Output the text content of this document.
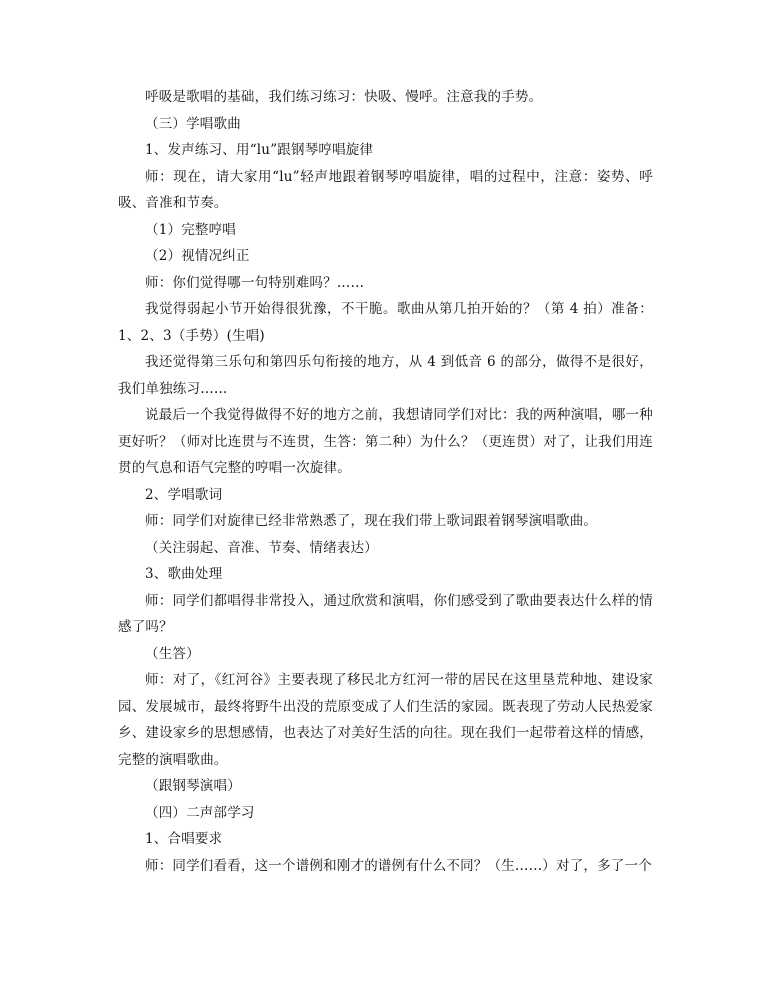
呼吸是歌唱的基础，我们练习练习：快吸、慢呼。注意我的手势。

（三）学唱歌曲

1、发声练习、用“lu”跟钢琴哼唱旋律

师：现在，请大家用“lu”轻声地跟着钢琴哼唱旋律，唱的过程中，注意：姿势、呼吸、音准和节奏。

（1）完整哼唱

（2）视情况纠正

师：你们觉得哪一句特别难吗？……

我觉得弱起小节开始得很犹豫，不干脆。歌曲从第几拍开始的？（第 4 拍）准备：1、2、3（手势）(生唱)

我还觉得第三乐句和第四乐句衔接的地方，从 4 到低音 6 的部分，做得不是很好，我们单独练习……

说最后一个我觉得做得不好的地方之前，我想请同学们对比：我的两种演唱，哪一种更好听？（师对比连贯与不连贯，生答：第二种）为什么？（更连贯）对了，让我们用连贯的气息和语气完整的哼唱一次旋律。

2、学唱歌词

师：同学们对旋律已经非常熟悉了，现在我们带上歌词跟着钢琴演唱歌曲。

（关注弱起、音准、节奏、情绪表达）

3、歌曲处理

师：同学们都唱得非常投入，通过欣赏和演唱，你们感受到了歌曲要表达什么样的情感了吗？

（生答）

师：对了，《红河谷》主要表现了移民北方红河一带的居民在这里垦荒种地、建设家园、发展城市，最终将野牛出没的荒原变成了人们生活的家园。既表现了劳动人民热爱家乡、建设家乡的思想感情，也表达了对美好生活的向往。现在我们一起带着这样的情感，完整的演唱歌曲。

（跟钢琴演唱）

（四）二声部学习

1、合唱要求

师：同学们看看，这一个谱例和刚才的谱例有什么不同？（生……）对了，多了一个
